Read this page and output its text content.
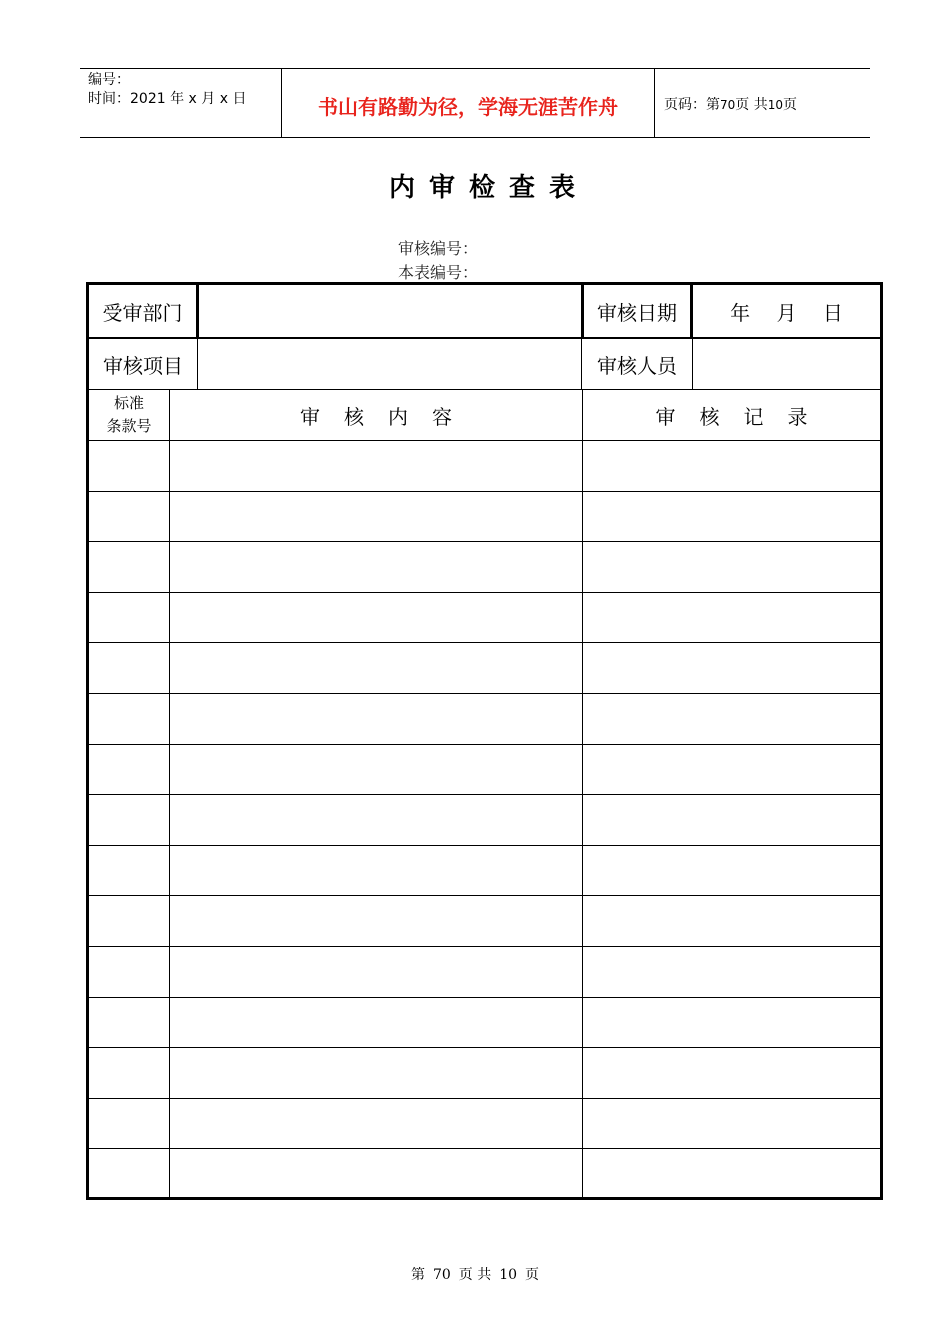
编号：
时间：2021 年 x 月 x 日	书山有路勤为径，学海无涯苦作舟	页码：第70页 共10页
内审检查表
审核编号：
本表编号：
受审部门	审核日期	年　 月　 日
审核项目	审核人员
标准
条款号	审核内容	审核记录
第 70 页 共 10 页
